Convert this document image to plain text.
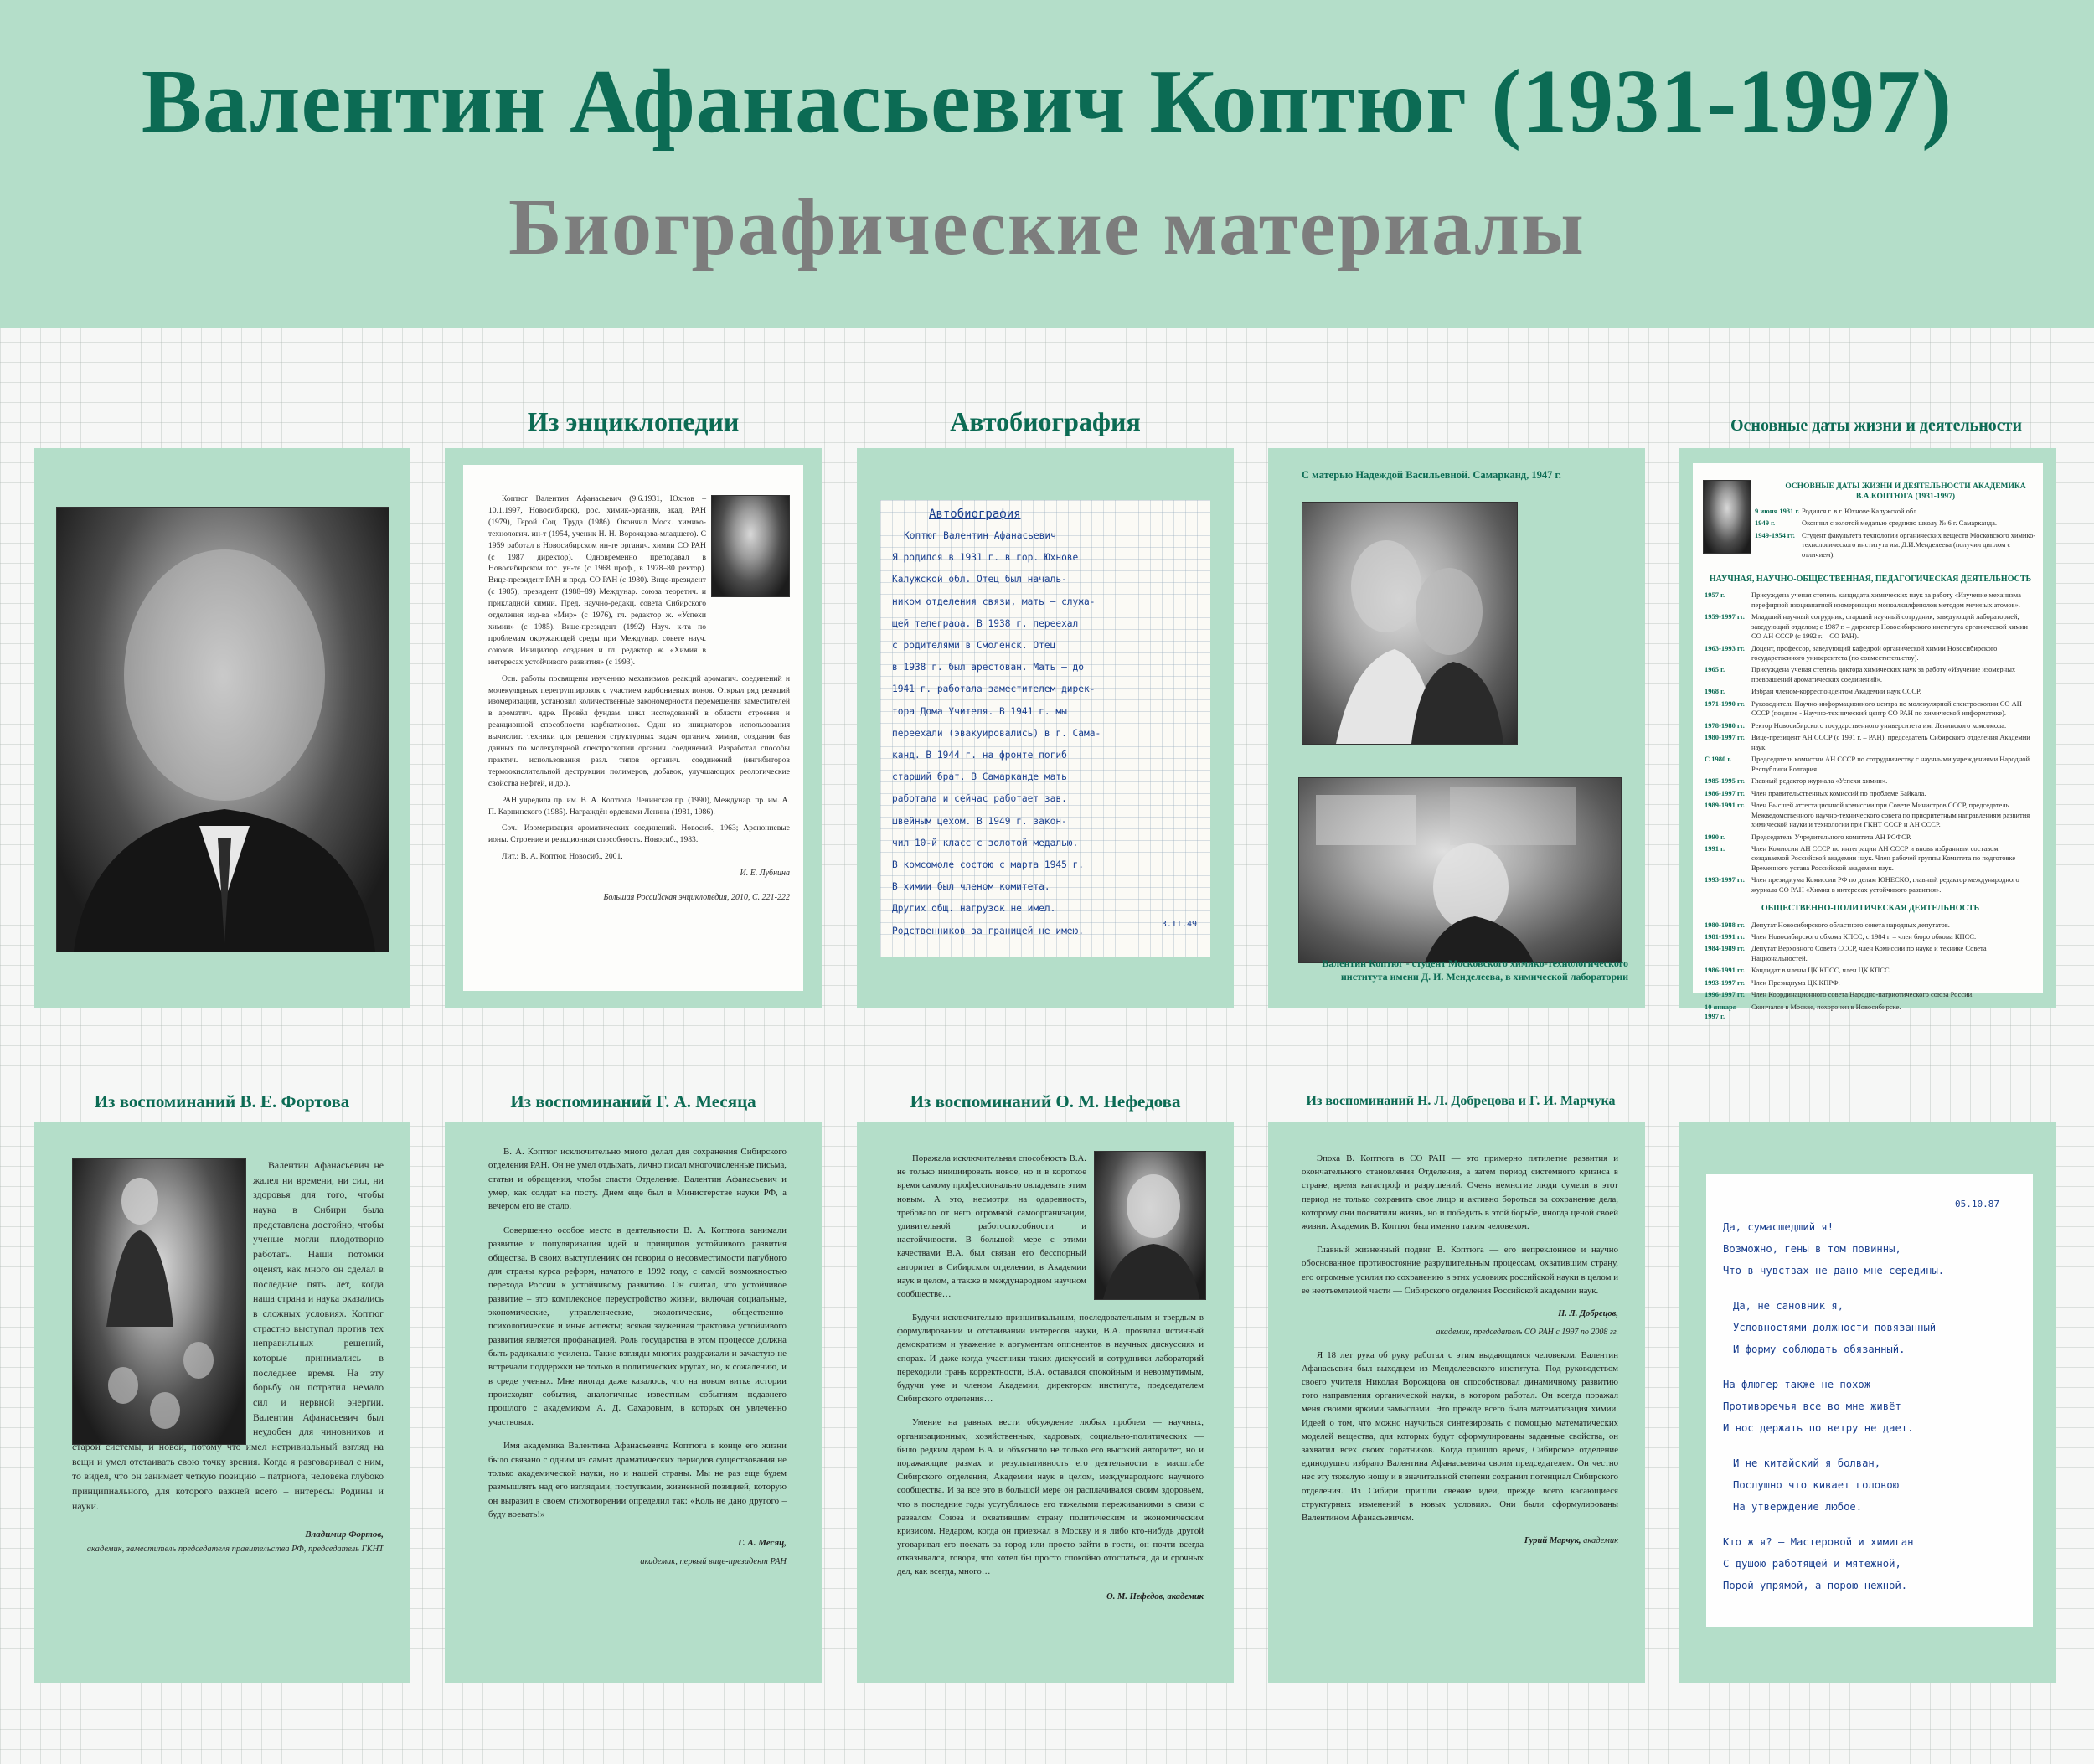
Валентин Афанасьевич Коптюг (1931-1997)
Биографические материалы
Из энциклопедии	Автобиография	Основные даты жизни и деятельности
Из воспоминаний В. Е. Фортова	Из воспоминаний Г. А. Месяца	Из воспоминаний О. М. Нефедова	Из воспоминаний Н. Л. Добрецова и Г. И. Марчука

Коптюг Валентин Афанасьевич (9.6.1931, Юхнов – 10.1.1997, Новосибирск), рос. химик-органик, акад. РАН (1979), Герой Соц. Труда (1986). Окончил Моск. химико-технологич. ин-т (1954, ученик Н. Н. Ворожцова-младшего). С 1959 работал в Новосибирском ин-те органич. химии СО РАН (с 1987 директор). Одновременно преподавал в Новосибирском гос. ун-те (с 1968 проф., в 1978–80 ректор). Вице-президент РАН и пред. СО РАН (с 1980). Вице-президент (с 1985), президент (1988–89) Междунар. союза теоретич. и прикладной химии. Пред. научно-редакц. совета Сибирского отделения изд-ва «Мир» (с 1976), гл. редактор ж. «Успехи химии» (с 1985). Вице-президент (1992) Науч. к-та по проблемам окружающей среды при Междунар. совете науч. союзов. Инициатор создания и гл. редактор ж. «Химия в интересах устойчивого развития» (с 1993).

Осн. работы посвящены изучению механизмов реакций ароматич. соединений и молекулярных перегруппировок с участием карбониевых ионов. Открыл ряд реакций изомеризации, установил количественные закономерности перемещения заместителей в ароматич. ядре. Провёл фундам. цикл исследований в области строения и реакционной способности карбкатионов. Один из инициаторов использования вычислит. техники для решения структурных задач органич. химии, создания баз данных по молекулярной спектроскопии органич. соединений. Разработал способы практич. использования разл. типов органич. соединений (ингибиторов термоокислительной деструкции полимеров, добавок, улучшающих реологические свойства нефтей, и др.).

РАН учредила пр. им. В. А. Коптюга. Ленинская пр. (1990), Междунар. пр. им. А. П. Карпинского (1985). Награждён орденами Ленина (1981, 1986).

Соч.: Изомеризация ароматических соединений. Новосиб., 1963; Аренониевые ионы. Строение и реакционная способность. Новосиб., 1983.

Лит.: В. А. Коптюг. Новосиб., 2001.

И. Е. Лубнина
Большая Российская энциклопедия, 2010, С. 221-222
Автобиография
Коптюг Валентин Афанасьевич
Я родился в 1931 г. в гор. Юхнове
Калужской обл. Отец был началь-
ником отделения связи, мать – служа-
щей телеграфа. В 1938 г. переехал
с родителями в Смоленск. Отец
в 1938 г. был арестован. Мать – до
1941 г. работала заместителем дирек-
тора Дома Учителя. В 1941 г. мы
переехали (эвакуировались) в г. Сама-
канд. В 1944 г. на фронте погиб
старший брат. В Самарканде мать
работала и сейчас работает зав.
швейным цехом. В 1949 г. закон-
чил 10-й класс с золотой медалью.
В комсомоле состою с марта 1945 г.
В химии был членом комитета.
Других общ. нагрузок не имел.
Родственников за границей не имею.
3.II.49
С матерью Надеждой Васильевной. Самарканд, 1947 г.
Валентин Коптюг - студент Московского химико-технологического института имени Д. И. Менделеева, в химической лаборатории
ОСНОВНЫЕ ДАТЫ ЖИЗНИ И ДЕЯТЕЛЬНОСТИ АКАДЕМИКА В.А.КОПТЮГА (1931-1997)
9 июня 1931 г. Родился г. в г. Юхнове Калужской обл.
1949 г.	Окончил с золотой медалью среднюю школу № 6 г. Самарканда.
1949-1954 гг. Студент факультета технологии органических веществ Московского химико-технологического института им. Д.И.Менделеева (получил диплом с отличием).
НАУЧНАЯ, НАУЧНО-ОБЩЕСТВЕННАЯ, ПЕДАГОГИЧЕСКАЯ ДЕЯТЕЛЬНОСТЬ
1957 г.	Присуждена ученая степень кандидата химических наук за работу «Изучение механизма перефирной изоцианатной изомеризации моноалкилфенолов методом меченых атомов».
1959-1997 гг. Младший научный сотрудник; старший научный сотрудник, заведующий лабораторией, заведующий отделом; с 1987 г. – директор Новосибирского института органической химии СО АН СССР (с 1992 г. – СО РАН).
1963-1993 гг. Доцент, профессор, заведующий кафедрой органической химии Новосибирского государственного университета (по совместительству).
1965 г.	Присуждена ученая степень доктора химических наук за работу «Изучение изомерных превращений ароматических соединений».
1968 г.	Избран членом-корреспондентом Академии наук СССР.
1971-1990 гг. Руководитель Научно-информационного центра по молекулярной спектроскопии СО АН СССР (позднее - Научно-технический центр СО РАН по химической информатике).
1978-1980 гг. Ректор Новосибирского государственного университета им. Ленинского комсомола.
1980-1997 гг. Вице-президент АН СССР (с 1991 г. – РАН), председатель Сибирского отделения Академии наук.
С 1980 г.	Председатель комиссии АН СССР по сотрудничеству с научными учреждениями Народной Республики Болгария.
1985-1995 гг. Главный редактор журнала «Успехи химии».
1986-1997 гг. Член правительственных комиссий по проблеме Байкала.
1989-1991 гг. Член Высшей аттестационной комиссии при Совете Министров СССР, председатель Межведомственного научно-технического совета по приоритетным направлениям развития химической науки и технологии при ГКНТ СССР и АН СССР.
1990 г.	Председатель Учредительного комитета АН РСФСР.
1991 г.	Член Комиссии АН СССР по интеграции АН СССР и вновь избранным составом создаваемой Российской академии наук. Член рабочей группы Комитета по подготовке Временного устава Российской академии наук.
1993-1997 гг. Член президиума Комиссии РФ по делам ЮНЕСКО, главный редактор международного журнала СО РАН «Химия в интересах устойчивого развития».
ОБЩЕСТВЕННО-ПОЛИТИЧЕСКАЯ ДЕЯТЕЛЬНОСТЬ
1980-1988 гг. Депутат Новосибирского областного совета народных депутатов.
1981-1991 гг. Член Новосибирского обкома КПСС, с 1984 г. – член бюро обкома КПСС.
1984-1989 гг. Депутат Верховного Совета СССР, член Комиссии по науке и технике Совета Национальностей.
1986-1991 гг. Кандидат в члены ЦК КПСС, член ЦК КПСС.
1993-1997 гг. Член Президиума ЦК КПРФ.
1996-1997 гг. Член Координационного совета Народно-патриотического союза России.
10 января 1997 г.
Скончался в Москве, похоронен в Новосибирске.

Валентин Афанасьевич не жалел ни времени, ни сил, ни здоровья для того, чтобы наука в Сибири была представлена достойно, чтобы ученые могли плодотворно работать. Наши потомки оценят, как много он сделал в последние пять лет, когда наша страна и наука оказались в сложных условиях. Коптюг страстно выступал против тех неправильных решений, которые принимались в последнее время. На эту борьбу он потратил немало сил и нервной энергии. Валентин Афанасьевич был неудобен для чиновников и старой системы, и новой, потому что имел нетривиальный взгляд на вещи и умел отстаивать свою точку зрения. Когда я разговаривал с ним, то видел, что он занимает четкую позицию – патриота, человека глубоко принципиального, для которого важней всего – интересы Родины и науки.

Владимир Фортов,
академик, заместитель председателя правительства РФ, председатель ГКНТ

В. А. Коптюг исключительно много делал для сохранения Сибирского отделения РАН. Он не умел отдыхать, лично писал многочисленные письма, статьи и обращения, чтобы спасти Отделение. Валентин Афанасьевич и умер, как солдат на посту. Днем еще был в Министерстве науки РФ, а вечером его не стало.

Совершенно особое место в деятельности В. А. Коптюга занимали развитие и популяризация идей и принципов устойчивого развития общества. В своих выступлениях он говорил о несовместимости пагубного для страны курса реформ, начатого в 1992 году, с самой возможностью перехода России к устойчивому развитию. Он считал, что устойчивое развитие – это комплексное переустройство жизни, включая социальные, экономические, управленческие, экологические, общественно-психологические и иные аспекты; всякая зауженная трактовка устойчивого развития является профанацией. Роль государства в этом процессе должна быть радикально усилена. Такие взгляды многих раздражали и зачастую не встречали поддержки не только в политических кругах, но, к сожалению, и в среде ученых. Мне иногда даже казалось, что на новом витке истории происходят события, аналогичные известным событиям недавнего прошлого с академиком А. Д. Сахаровым, в которых он увлеченно участвовал.

Имя академика Валентина Афанасьевича Коптюга в конце его жизни было связано с одним из самых драматических периодов существования не только академической науки, но и нашей страны. Мы не раз еще будем размышлять над его взглядами, поступками, жизненной позицией, которую он выразил в своем стихотворении определил так: «Коль не дано другого – буду воевать!»

Г. А. Месяц,
академик, первый вице-президент РАН

Поражала исключительная способность В.А. не только инициировать новое, но и в короткое время самому профессионально овладевать этим новым. А это, несмотря на одаренность, требовало от него огромной самоорганизации, удивительной работоспособности и настойчивости. В большой мере с этими качествами В.А. был связан его бесспорный авторитет в Сибирском отделении, в Академии наук в целом, а также в международном научном сообществе…

Будучи исключительно принципиальным, последовательным и твердым в формулировании и отстаивании интересов науки, В.А. проявлял истинный демократизм и уважение к аргументам оппонентов в научных дискуссиях и спорах. И даже когда участники таких дискуссий и сотрудники лабораторий переходили грань корректности, В.А. оставался спокойным и невозмутимым, будучи уже и членом Академии, директором института, председателем Сибирского отделения…

Умение на равных вести обсуждение любых проблем — научных, организационных, хозяйственных, кадровых, социально-политических — было редким даром В.А. и объясняло не только его высокий авторитет, но и поражающие размах и результативность его деятельности в масштабе Сибирского отделения, Академии наук в целом, международного научного сообщества. И за все это в большой мере он расплачивался своим здоровьем, что в последние годы усугублялось его тяжелыми переживаниями в связи с развалом Союза и охватившим страну политическим и экономическим кризисом. Недаром, когда он приезжал в Москву и я либо кто-нибудь другой уговаривал его поехать за город или просто зайти в гости, он почти всегда отказывался, говоря, что хотел бы просто спокойно отоспаться, да и срочных дел, как всегда, много…

О. М. Нефедов, академик

Эпоха В. Коптюга в СО РАН — это примерно пятилетие развития и окончательного становления Отделения, а затем период системного кризиса в стране, время катастроф и разрушений. Очень немногие люди сумели в этот период не только сохранить свое лицо и активно бороться за сохранение дела, которому они посвятили жизнь, но и победить в этой борьбе, иногда ценой своей жизни. Академик В. Коптюг был именно таким человеком.

Главный жизненный подвиг В. Коптюга — его непреклонное и научно обоснованное противостояние разрушительным процессам, охватившим страну, его огромные усилия по сохранению в этих условиях российской науки в целом и ее неотъемлемой части — Сибирского отделения Российской академии наук.

Н. Л. Добрецов,
академик, председатель СО РАН с 1997 по 2008 гг.

Я 18 лет рука об руку работал с этим выдающимся человеком. Валентин Афанасьевич был выходцем из Менделеевского института. Под руководством своего учителя Николая Ворожцова он способствовал динамичному развитию того направления органической науки, в котором работал. Он всегда поражал меня своими яркими замыслами. Это прежде всего была математизация химии. Идеей о том, что можно научиться синтезировать с помощью математических моделей вещества, для которых будут сформулированы заданные свойства, он захватил всех своих соратников. Когда пришло время, Сибирское отделение единодушно избрало Валентина Афанасьевича своим председателем. Он честно нес эту тяжелую ношу и в значительной степени сохранил потенциал Сибирского отделения. Из Сибири пришли свежие идеи, прежде всего касающиеся структурных изменений в новых условиях. Они были сформулированы Валентином Афанасьевичем.

Гурий Марчук, академик
05.10.87
Да, сумасшедший я!
Возможно, гены в том повинны,
Что в чувствах не дано мне середины.
Да, не сановник я,
Условностями должности повязанный
И форму соблюдать обязанный.
На флюгер также не похож –
Противоречья все во мне живёт
И нос держать по ветру не дает.
И не китайский я болван,
Послушно что кивает головою
На утверждение любое.
Кто ж я? – Мастеровой и химиган
С душою работящей и мятежной,
Порой упрямой, а порою нежной.
